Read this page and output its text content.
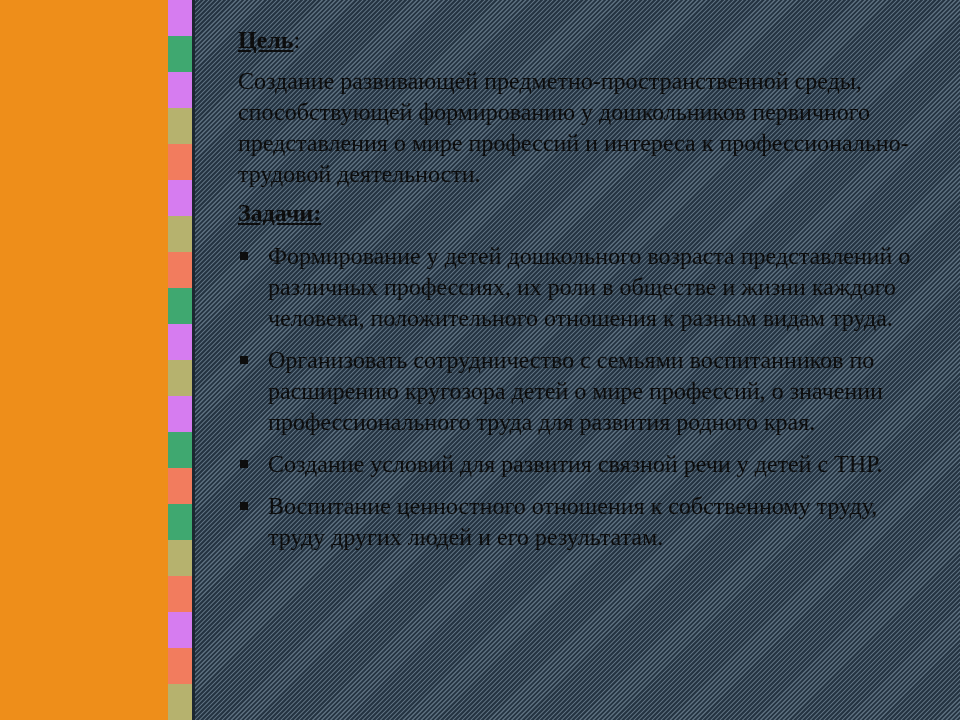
Цель:

Создание развивающей предметно-пространственной среды, способствующей формированию у дошкольников первичного представления о мире профессий и интереса к профессионально-трудовой деятельности.

Задачи:

Формирование у детей дошкольного возраста представлений о различных профессиях, их роли в обществе и жизни каждого человека, положительного отношения к разным видам труда.
Организовать сотрудничество с семьями воспитанников по расширению кругозора детей о мире профессий, о значении профессионального труда для развития родного края.
Создание условий для развития связной речи у детей с ТНР.
Воспитание ценностного отношения к собственному труду, труду других людей и его результатам.
